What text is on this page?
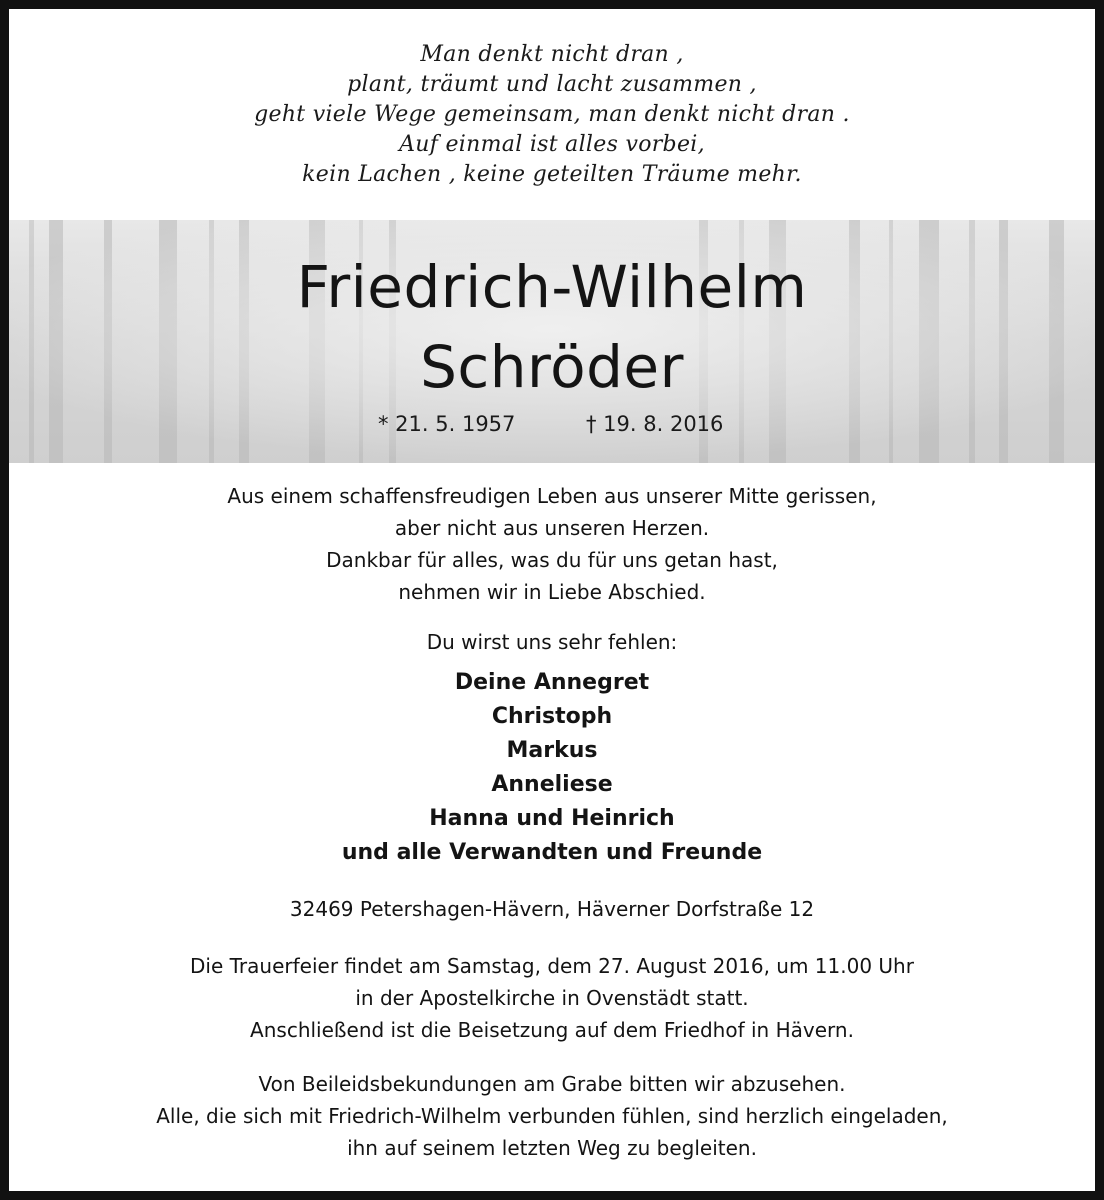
Man denkt nicht dran ,
plant, träumt und lacht zusammen ,
geht viele Wege gemeinsam, man denkt nicht dran .
Auf einmal ist alles vorbei,
kein Lachen , keine geteilten Träume mehr.
Friedrich-Wilhelm
Schröder
* 21. 5. 1957	† 19. 8. 2016
Aus einem schaffensfreudigen Leben aus unserer Mitte gerissen,
aber nicht aus unseren Herzen.
Dankbar für alles, was du für uns getan hast,
nehmen wir in Liebe Abschied.
Du wirst uns sehr fehlen:
Deine Annegret
Christoph
Markus
Anneliese
Hanna und Heinrich
und alle Verwandten und Freunde
32469 Petershagen-Hävern, Häverner Dorfstraße 12
Die Trauerfeier findet am Samstag, dem 27. August 2016, um 11.00 Uhr
in der Apostelkirche in Ovenstädt statt.
Anschließend ist die Beisetzung auf dem Friedhof in Hävern.
Von Beileidsbekundungen am Grabe bitten wir abzusehen.
Alle, die sich mit Friedrich-Wilhelm verbunden fühlen, sind herzlich eingeladen,
ihn auf seinem letzten Weg zu begleiten.
